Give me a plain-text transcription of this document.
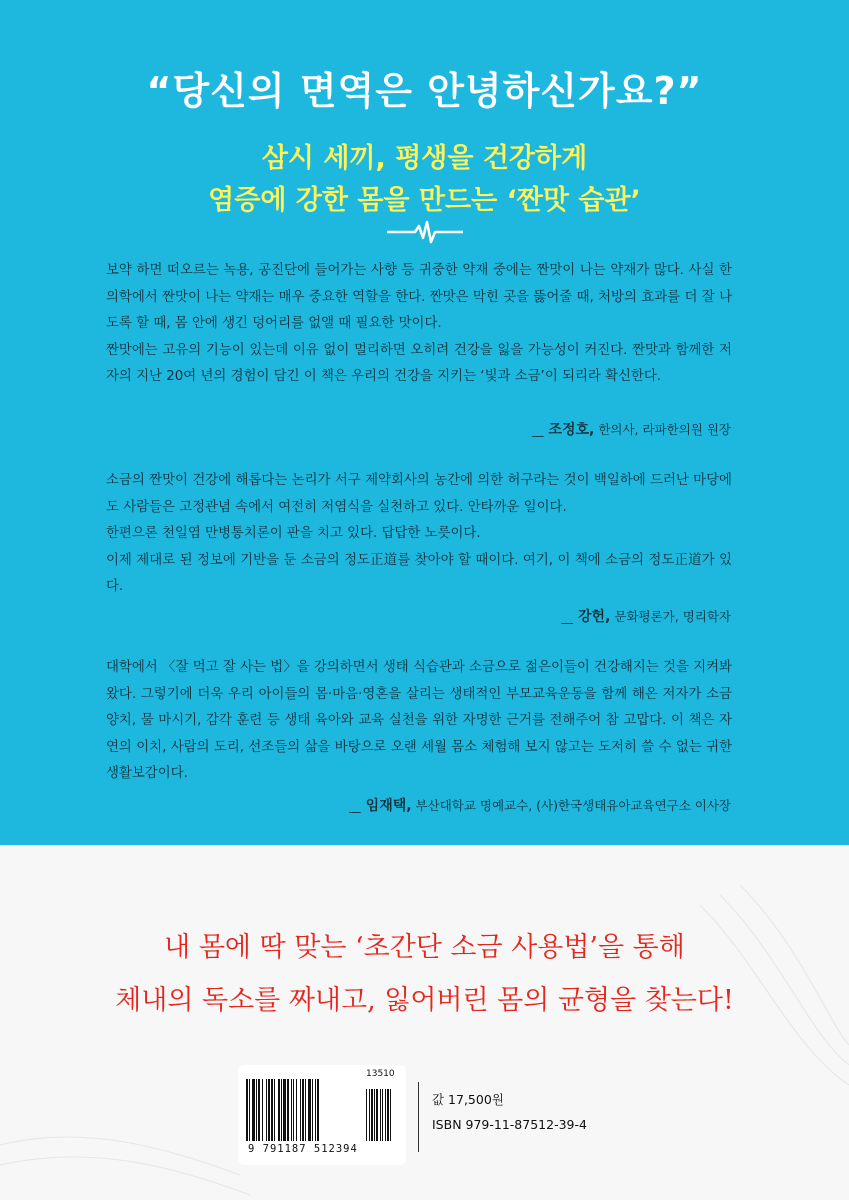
“당신의 면역은 안녕하신가요?”
삼시 세끼, 평생을 건강하게
염증에 강한 몸을 만드는 ‘짠맛 습관’

보약 하면 떠오르는 녹용, 공진단에 들어가는 사향 등 귀중한 약재 중에는 짠맛이 나는 약재가 많다. 사실 한의학에서 짠맛이 나는 약재는 매우 중요한 역할을 한다. 짠맛은 막힌 곳을 뚫어줄 때, 처방의 효과를 더 잘 나도록 할 때, 몸 안에 생긴 덩어리를 없앨 때 필요한 맛이다.

짠맛에는 고유의 기능이 있는데 이유 없이 멀리하면 오히려 건강을 잃을 가능성이 커진다. 짠맛과 함께한 저자의 지난 20여 년의 경험이 담긴 이 책은 우리의 건강을 지키는 ‘빛과 소금’이 되리라 확신한다.

__ 조정호, 한의사, 라파한의원 원장

소금의 짠맛이 건강에 해롭다는 논리가 서구 제약회사의 농간에 의한 허구라는 것이 백일하에 드러난 마당에도 사람들은 고정관념 속에서 여전히 저염식을 실천하고 있다. 안타까운 일이다.

한편으론 천일염 만병통치론이 판을 치고 있다. 답답한 노릇이다.

이제 제대로 된 정보에 기반을 둔 소금의 정도正道를 찾아야 할 때이다. 여기, 이 책에 소금의 정도正道가 있다.

__ 강헌, 문화평론가, 명리학자

대학에서 〈잘 먹고 잘 사는 법〉을 강의하면서 생태 식습관과 소금으로 젊은이들이 건강해지는 것을 지켜봐 왔다. 그렇기에 더욱 우리 아이들의 몸·마음·영혼을 살리는 생태적인 부모교육운동을 함께 해온 저자가 소금 양치, 물 마시기, 감각 훈련 등 생태 육아와 교육 실천을 위한 자명한 근거를 전해주어 참 고맙다. 이 책은 자연의 이치, 사람의 도리, 선조들의 삶을 바탕으로 오랜 세월 몸소 체험해 보지 않고는 도저히 쓸 수 없는 귀한 생활보감이다.

__ 임재택, 부산대학교 명예교수, (사)한국생태유아교육연구소 이사장
내 몸에 딱 맞는 ‘초간단 소금 사용법’을 통해
체내의 독소를 짜내고, 잃어버린 몸의 균형을 찾는다!
13510
9 791187 512394
값 17,500원
ISBN 979-11-87512-39-4
